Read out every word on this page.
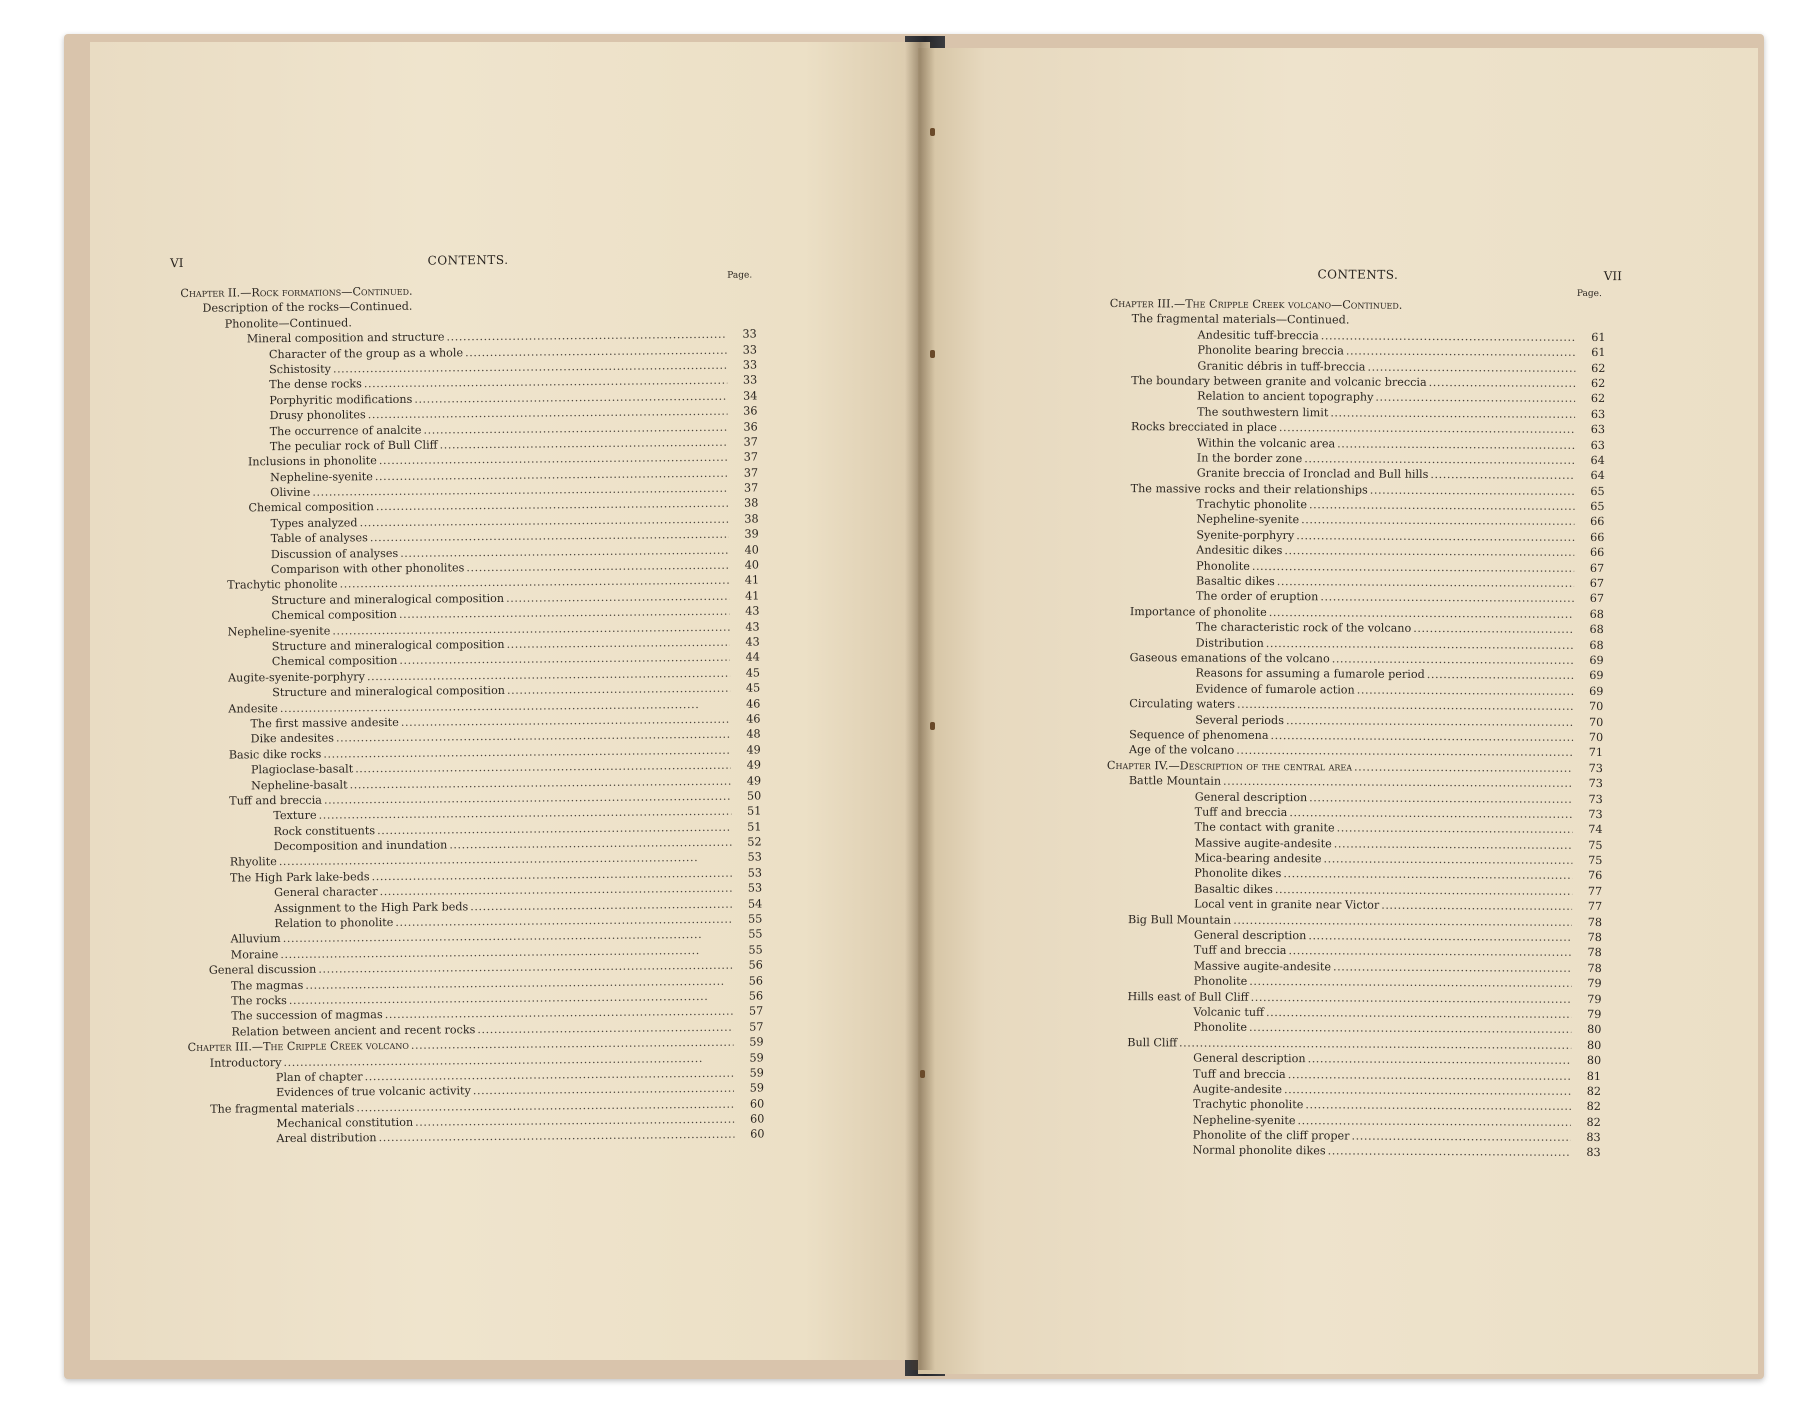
VI	CONTENTS.
Page.
Chapter II.—Rock formations—Continued.
Description of the rocks—Continued.
Phonolite—Continued.
Mineral composition and structure . . .	33
Character of the group as a whole . . .	33
Schistosity . . .	33
The dense rocks . . .	33
Porphyritic modifications . . .	34
Drusy phonolites . . .	36
The occurrence of analcite . . .	36
The peculiar rock of Bull Cliff . . .	37
Inclusions in phonolite . . .	37
Nepheline-syenite . . .	37
Olivine . . .	37
Chemical composition . . .	38
Types analyzed . . .	38
Table of analyses . . .	39
Discussion of analyses . . .	40
Comparison with other phonolites . . .	40
Trachytic phonolite . . .	41
Structure and mineralogical composition . . .	41
Chemical composition . . .	43
Nepheline-syenite . . .	43
Structure and mineralogical composition . . .	43
Chemical composition . . .	44
Augite-syenite-porphyry . . .	45
Structure and mineralogical composition . . .	45
Andesite . . .	46
The first massive andesite . . .	46
Dike andesites . . .	48
Basic dike rocks . . .	49
Plagioclase-basalt . . .	49
Nepheline-basalt . . .	49
Tuff and breccia . . .	50
Texture . . .	51
Rock constituents . . .	51
Decomposition and inundation . . .	52
Rhyolite . . .	53
The High Park lake-beds . . .	53
General character . . .	53
Assignment to the High Park beds . . .	54
Relation to phonolite . . .	55
Alluvium . . .	55
Moraine . . .	55
General discussion . . .	56
The magmas . . .	56
The rocks . . .	56
The succession of magmas . . .	57
Relation between ancient and recent rocks . . .	57
Chapter III.—The Cripple Creek volcano . . .	59
Introductory . . .	59
Plan of chapter . . .	59
Evidences of true volcanic activity . . .	59
The fragmental materials . . .	60
Mechanical constitution . . .	60
Areal distribution . . .	60
CONTENTS.	VII
Page.
Chapter III.—The Cripple Creek volcano—Continued.
The fragmental materials—Continued.
Andesitic tuff-breccia . . .	61
Phonolite bearing breccia . . .	61
Granitic débris in tuff-breccia . . .	62
The boundary between granite and volcanic breccia . . .	62
Relation to ancient topography . . .	62
The southwestern limit . . .	63
Rocks brecciated in place . . .	63
Within the volcanic area . . .	63
In the border zone . . .	64
Granite breccia of Ironclad and Bull hills . . .	64
The massive rocks and their relationships . . .	65
Trachytic phonolite . . .	65
Nepheline-syenite . . .	66
Syenite-porphyry . . .	66
Andesitic dikes . . .	66
Phonolite . . .	67
Basaltic dikes . . .	67
The order of eruption . . .	67
Importance of phonolite . . .	68
The characteristic rock of the volcano . . .	68
Distribution . . .	68
Gaseous emanations of the volcano . . .	69
Reasons for assuming a fumarole period . . .	69
Evidence of fumarole action . . .	69
Circulating waters . . .	70
Several periods . . .	70
Sequence of phenomena . . .	70
Age of the volcano . . .	71
Chapter IV.—Description of the central area . . .	73
Battle Mountain . . .	73
General description . . .	73
Tuff and breccia . . .	73
The contact with granite . . .	74
Massive augite-andesite . . .	75
Mica-bearing andesite . . .	75
Phonolite dikes . . .	76
Basaltic dikes . . .	77
Local vent in granite near Victor . . .	77
Big Bull Mountain . . .	78
General description . . .	78
Tuff and breccia . . .	78
Massive augite-andesite . . .	78
Phonolite . . .	79
Hills east of Bull Cliff . . .	79
Volcanic tuff . . .	79
Phonolite . . .	80
Bull Cliff . . .	80
General description . . .	80
Tuff and breccia . . .	81
Augite-andesite . . .	82
Trachytic phonolite . . .	82
Nepheline-syenite . . .	82
Phonolite of the cliff proper . . .	83
Normal phonolite dikes . . .	83
